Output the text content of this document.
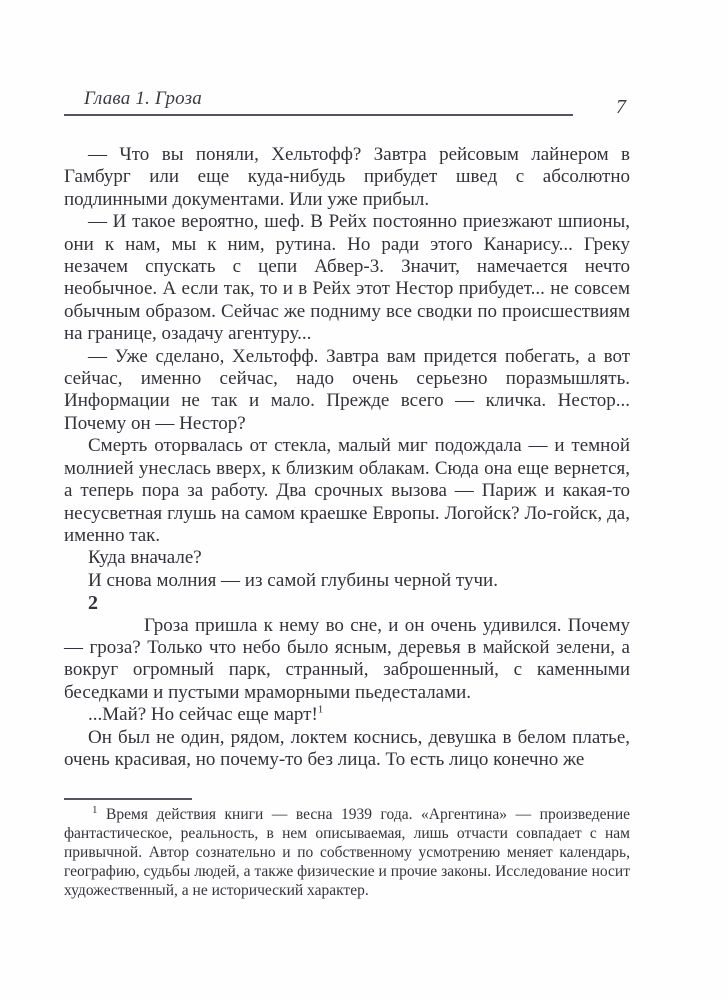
Глава 1. Гроза	7

— Что вы поняли, Хельтофф? Завтра рейсовым лайнером в Гамбург или еще куда-нибудь прибудет швед с абсолютно подлинными документами. Или уже прибыл.

— И такое вероятно, шеф. В Рейх постоянно приезжают шпионы, они к нам, мы к ним, рутина. Но ради этого Канарису... Греку незачем спускать с цепи Абвер-3. Значит, намечается нечто необычное. А если так, то и в Рейх этот Нестор прибудет... не совсем обычным образом. Сейчас же подниму все сводки по происшествиям на границе, озадачу агентуру...

— Уже сделано, Хельтофф. Завтра вам придется побегать, а вот сейчас, именно сейчас, надо очень серьезно поразмышлять. Информации не так и мало. Прежде всего — кличка. Нестор... Почему он — Нестор?

Смерть оторвалась от стекла, малый миг подождала — и темной молнией унеслась вверх, к близким облакам. Сюда она еще вернется, а теперь пора за работу. Два срочных вызова — Париж и какая-то несусветная глушь на самом краешке Европы. Логойск? Ло-гойск, да, именно так.

Куда вначале?

И снова молния — из самой глубины черной тучи.

2

Гроза пришла к нему во сне, и он очень удивился. Почему — гроза? Только что небо было ясным, деревья в майской зелени, а вокруг огромный парк, странный, заброшенный, с каменными беседками и пустыми мраморными пьедесталами.

...Май? Но сейчас еще март!$^1$

Он был не один, рядом, локтем коснись, девушка в белом платье, очень красивая, но почему-то без лица. То есть лицо конечно же

$^1$ Время действия книги — весна 1939 года. «Аргентина» — произведение фантастическое, реальность, в нем описываемая, лишь отчасти совпадает с нам привычной. Автор сознательно и по собственному усмотрению меняет календарь, географию, судьбы людей, а также физические и прочие законы. Исследование носит художественный, а не исторический характер.
